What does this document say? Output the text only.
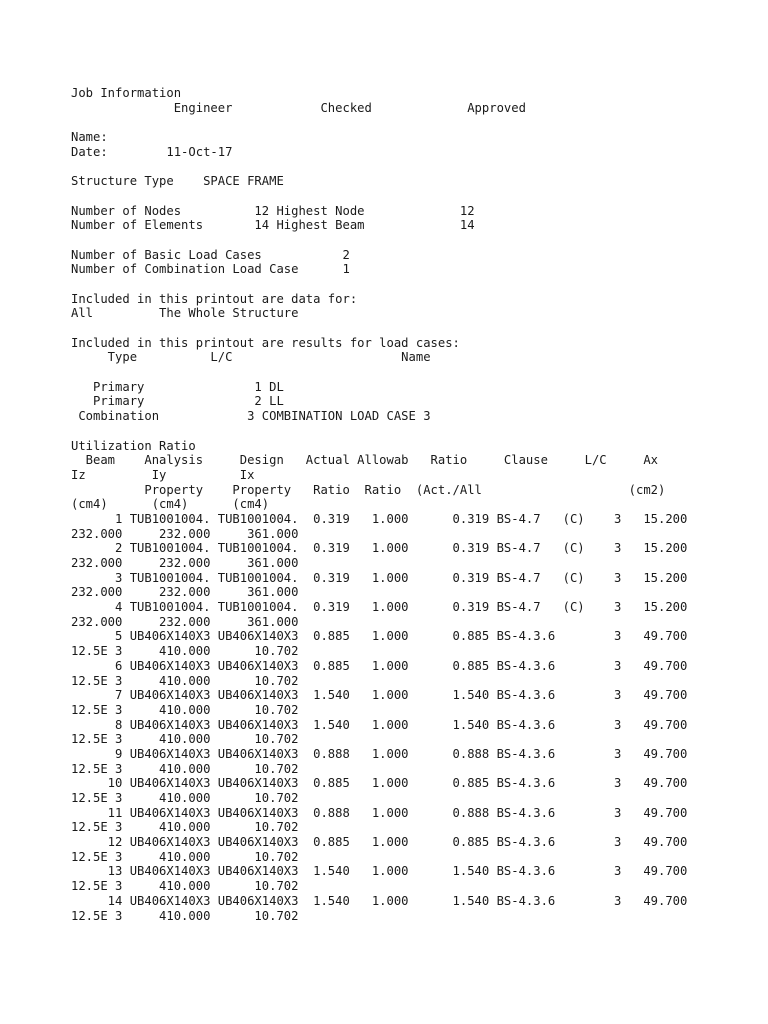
Job Information
Engineer            Checked             Approved

Name:
Date:        11-Oct-17

Structure Type    SPACE FRAME

Number of Nodes          12 Highest Node             12
Number of Elements       14 Highest Beam             14

Number of Basic Load Cases           2
Number of Combination Load Case      1

Included in this printout are data for:
All         The Whole Structure

Included in this printout are results for load cases:
Type          L/C                       Name

Primary               1 DL
Primary               2 LL
Combination            3 COMBINATION LOAD CASE 3

Utilization Ratio
Beam    Analysis     Design   Actual Allowab   Ratio     Clause     L/C     Ax
Iz         Iy          Ix
Property    Property   Ratio  Ratio  (Act./All                    (cm2)
(cm4)      (cm4)      (cm4)
1 TUB1001004. TUB1001004.  0.319   1.000      0.319 BS-4.7   (C)    3   15.200
232.000     232.000     361.000
2 TUB1001004. TUB1001004.  0.319   1.000      0.319 BS-4.7   (C)    3   15.200
232.000     232.000     361.000
3 TUB1001004. TUB1001004.  0.319   1.000      0.319 BS-4.7   (C)    3   15.200
232.000     232.000     361.000
4 TUB1001004. TUB1001004.  0.319   1.000      0.319 BS-4.7   (C)    3   15.200
232.000     232.000     361.000
5 UB406X140X3 UB406X140X3  0.885   1.000      0.885 BS-4.3.6        3   49.700
12.5E 3     410.000      10.702
6 UB406X140X3 UB406X140X3  0.885   1.000      0.885 BS-4.3.6        3   49.700
12.5E 3     410.000      10.702
7 UB406X140X3 UB406X140X3  1.540   1.000      1.540 BS-4.3.6        3   49.700
12.5E 3     410.000      10.702
8 UB406X140X3 UB406X140X3  1.540   1.000      1.540 BS-4.3.6        3   49.700
12.5E 3     410.000      10.702
9 UB406X140X3 UB406X140X3  0.888   1.000      0.888 BS-4.3.6        3   49.700
12.5E 3     410.000      10.702
10 UB406X140X3 UB406X140X3  0.885   1.000      0.885 BS-4.3.6        3   49.700
12.5E 3     410.000      10.702
11 UB406X140X3 UB406X140X3  0.888   1.000      0.888 BS-4.3.6        3   49.700
12.5E 3     410.000      10.702
12 UB406X140X3 UB406X140X3  0.885   1.000      0.885 BS-4.3.6        3   49.700
12.5E 3     410.000      10.702
13 UB406X140X3 UB406X140X3  1.540   1.000      1.540 BS-4.3.6        3   49.700
12.5E 3     410.000      10.702
14 UB406X140X3 UB406X140X3  1.540   1.000      1.540 BS-4.3.6        3   49.700
12.5E 3     410.000      10.702
